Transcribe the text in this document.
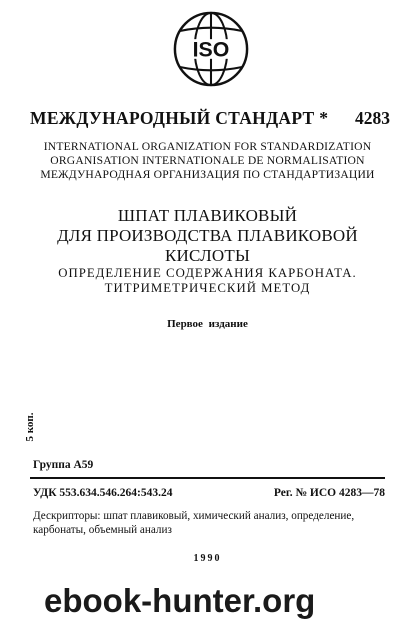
ISO
МЕЖДУНАРОДНЫЙ СТАНДАРТ * 4283
INTERNATIONAL ORGANIZATION FOR STANDARDIZATION
ORGANISATION INTERNATIONALE DE NORMALISATION
МЕЖДУНАРОДНАЯ ОРГАНИЗАЦИЯ ПО СТАНДАРТИЗАЦИИ
ШПАТ ПЛАВИКОВЫЙ
ДЛЯ ПРОИЗВОДСТВА ПЛАВИКОВОЙ
КИСЛОТЫ
ОПРЕДЕЛЕНИЕ СОДЕРЖАНИЯ КАРБОНАТА.
ТИТРИМЕТРИЧЕСКИЙ МЕТОД
Первое издание
5 коп.
Группа А59
УДК 553.634.546.264:543.24	Рег. № ИСО 4283—78
Дескрипторы: шпат плавиковый, химический анализ, определение,
карбонаты, объемный анализ
1990
ebook-hunter.org
